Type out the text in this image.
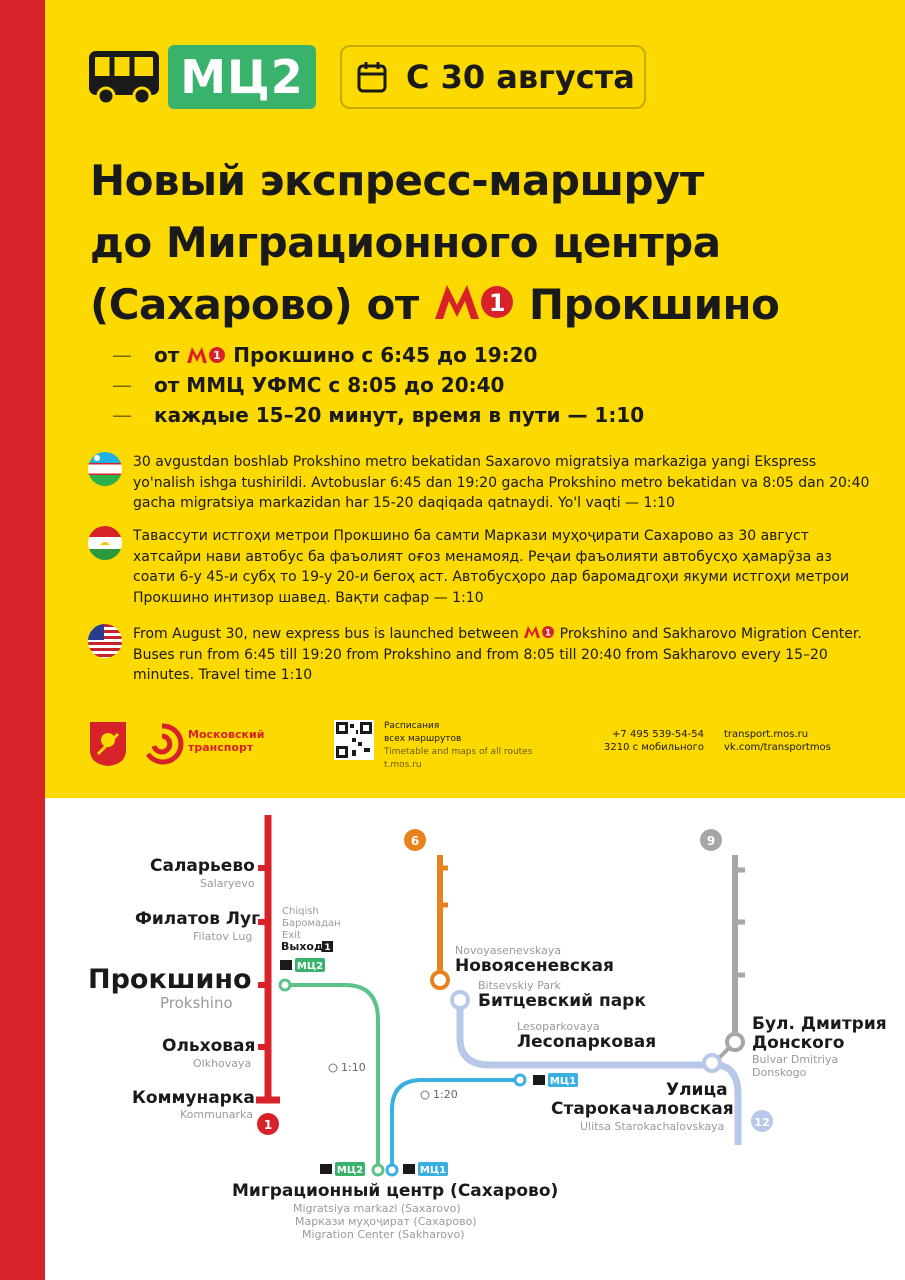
МЦ2	С 30 августа
Новый экспресс-маршрут
до Миграционного центра
(Сахарово) от	1 Прокшино
— от	1 Прокшино с 6:45 до 19:20
— от ММЦ УФМС с 8:05 до 20:40
— каждые 15–20 минут, время в пути — 1:10
30 avgustdan boshlab Prokshino metro bekatidan Saxarovo migratsiya markaziga yangi Ekspress yo'nalish ishga tushirildi. Avtobuslar 6:45 dan 19:20 gacha Prokshino metro bekatidan va 8:05 dan 20:40 gacha migratsiya markazidan har 15-20 daqiqada qatnaydi. Yo'l vaqti — 1:10
Тавассути истгоҳи метрои Прокшино ба самти Маркази муҳоҷирати Сахарово аз 30 август хатсайри нави автобус ба фаъолият оғоз менамояд. Реҷаи фаъолияти автобусҳо ҳамарӯза аз соати 6-у 45-и субҳ то 19-у 20-и бегоҳ аст. Автобусҳоро дар баромадгоҳи якуми истгоҳи метрои Прокшино интизор шавед. Вақти сафар — 1:10
From August 30, new express bus is launched between	1 Prokshino and Sakharovo Migration Center. Buses run from 6:45 till 19:20 from Prokshino and from 8:05 till 20:40 from Sakharovo every 15–20 minutes. Travel time 1:10
Московский
транспорт
Расписания
всех маршрутов
Timetable and maps of all routes
t.mos.ru
+7 495 539-54-54
3210 с мобильного
transport.mos.ru
vk.com/transportmos
1
6	9
12
МЦ2
МЦ2	МЦ1
МЦ1
1
Саларьево
Salaryevo
Филатов Луг
Filatov Lug
Chiqish
Баромадан
Exit
Выход
Прокшино
Prokshino
Ольховая
Olkhovaya
Коммунарка
Kommunarka
1:10
1:20
Novoyasenevskaya
Новоясеневская
Bitsevskiy Park
Битцевский парк
Lesoparkovaya
Лесопарковая
Улица
Старокачаловская
Ulitsa Starokachalovskaya
Бул. Дмитрия
Донского
Bulvar Dmitriya
Donskogo
Миграционный центр (Сахарово)
Migratsiya markazi (Saxarovo)
Маркази муҳоҷират (Сахарово)
Migration Center (Sakharovo)
